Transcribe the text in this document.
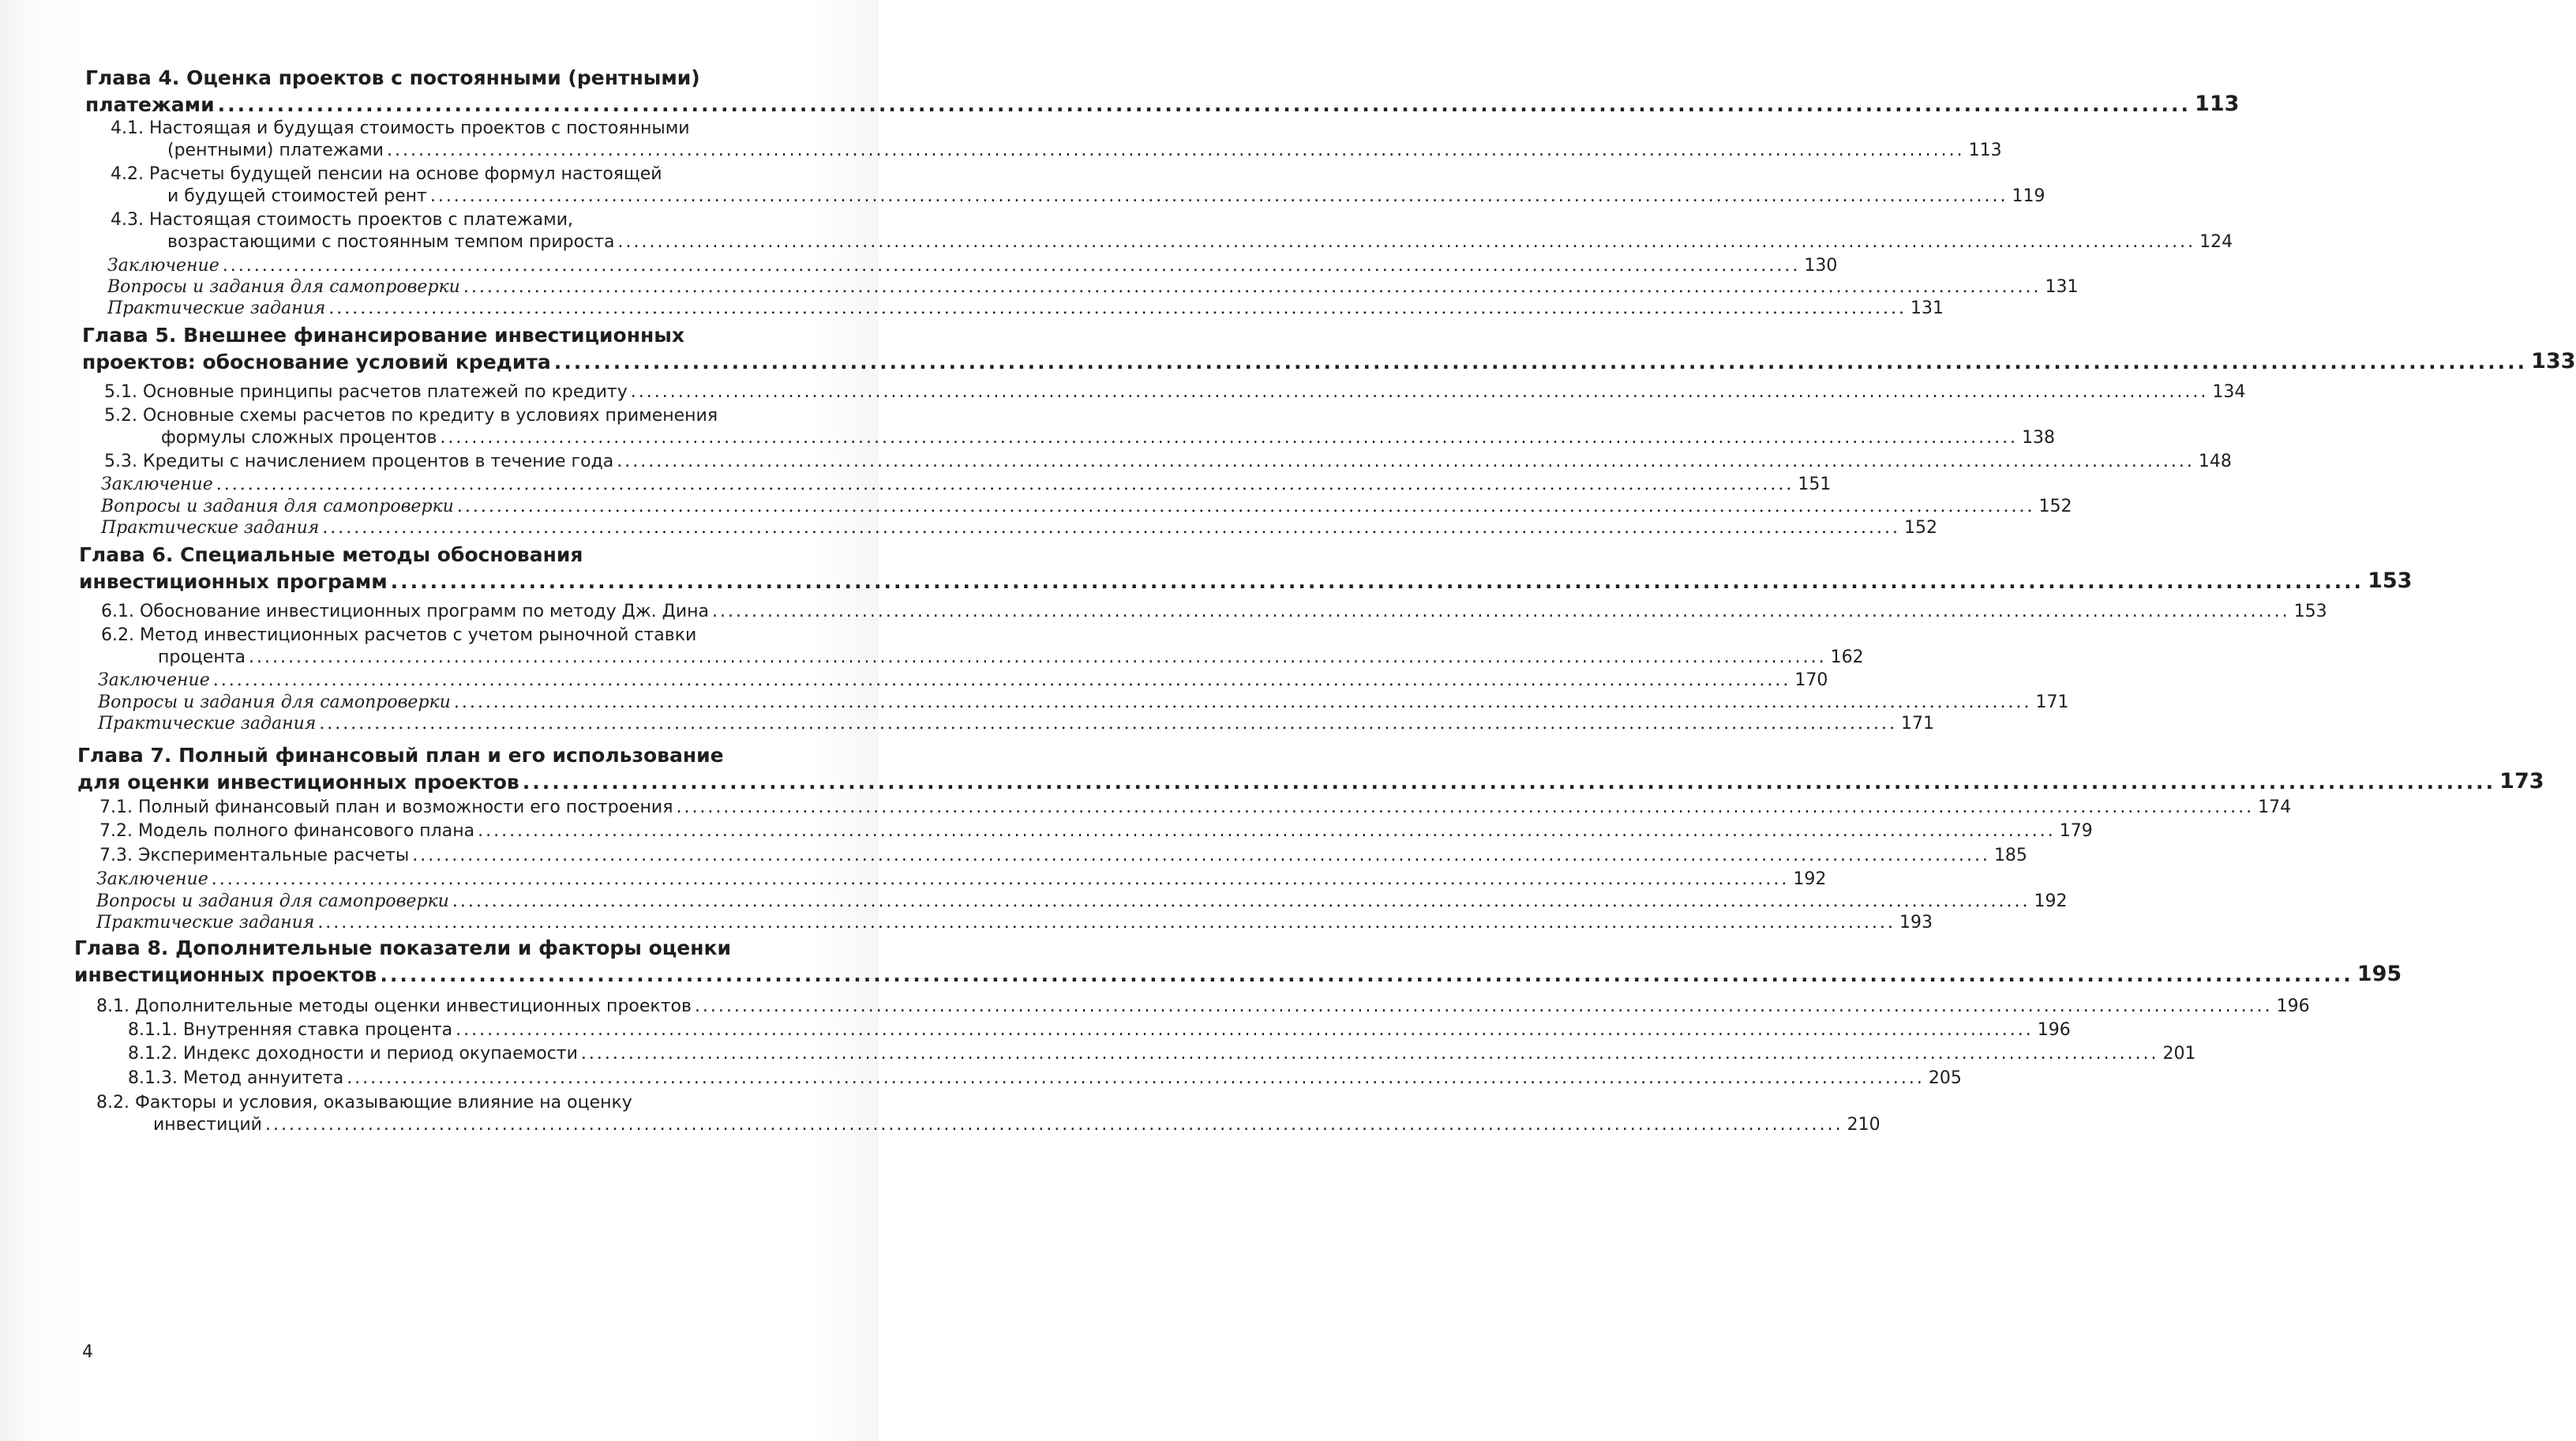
Глава 4. Оценка проектов с постоянными (рентными)
платежами ........................................................................................................................................................................................................ 113
4.1. Настоящая и будущая стоимость проектов с постоянными
(рентными) платежами ........................................................................................................................................................................................................ 113
4.2. Расчеты будущей пенсии на основе формул настоящей
и будущей стоимостей рент ........................................................................................................................................................................................................ 119
4.3. Настоящая стоимость проектов с платежами,
возрастающими с постоянным темпом прироста ........................................................................................................................................................................................................ 124
Заключение ........................................................................................................................................................................................................ 130
Вопросы и задания для самопроверки ........................................................................................................................................................................................................ 131
Практические задания ........................................................................................................................................................................................................ 131
Глава 5. Внешнее финансирование инвестиционных
проектов: обоснование условий кредита ........................................................................................................................................................................................................ 133
5.1. Основные принципы расчетов платежей по кредиту ........................................................................................................................................................................................................ 134
5.2. Основные схемы расчетов по кредиту в условиях применения
формулы сложных процентов ........................................................................................................................................................................................................ 138
5.3. Кредиты с начислением процентов в течение года ........................................................................................................................................................................................................ 148
Заключение ........................................................................................................................................................................................................ 151
Вопросы и задания для самопроверки ........................................................................................................................................................................................................ 152
Практические задания ........................................................................................................................................................................................................ 152
Глава 6. Специальные методы обоснования
инвестиционных программ ........................................................................................................................................................................................................ 153
6.1. Обоснование инвестиционных программ по методу Дж. Дина ........................................................................................................................................................................................................ 153
6.2. Метод инвестиционных расчетов с учетом рыночной ставки
процента ........................................................................................................................................................................................................ 162
Заключение ........................................................................................................................................................................................................ 170
Вопросы и задания для самопроверки ........................................................................................................................................................................................................ 171
Практические задания ........................................................................................................................................................................................................ 171
Глава 7. Полный финансовый план и его использование
для оценки инвестиционных проектов ........................................................................................................................................................................................................ 173
7.1. Полный финансовый план и возможности его построения ........................................................................................................................................................................................................ 174
7.2. Модель полного финансового плана ........................................................................................................................................................................................................ 179
7.3. Экспериментальные расчеты ........................................................................................................................................................................................................ 185
Заключение ........................................................................................................................................................................................................ 192
Вопросы и задания для самопроверки ........................................................................................................................................................................................................ 192
Практические задания ........................................................................................................................................................................................................ 193
Глава 8. Дополнительные показатели и факторы оценки
инвестиционных проектов ........................................................................................................................................................................................................ 195
8.1. Дополнительные методы оценки инвестиционных проектов ........................................................................................................................................................................................................ 196
8.1.1. Внутренняя ставка процента ........................................................................................................................................................................................................ 196
8.1.2. Индекс доходности и период окупаемости ........................................................................................................................................................................................................ 201
8.1.3. Метод аннуитета ........................................................................................................................................................................................................ 205
8.2. Факторы и условия, оказывающие влияние на оценку
инвестиций ........................................................................................................................................................................................................ 210
4
